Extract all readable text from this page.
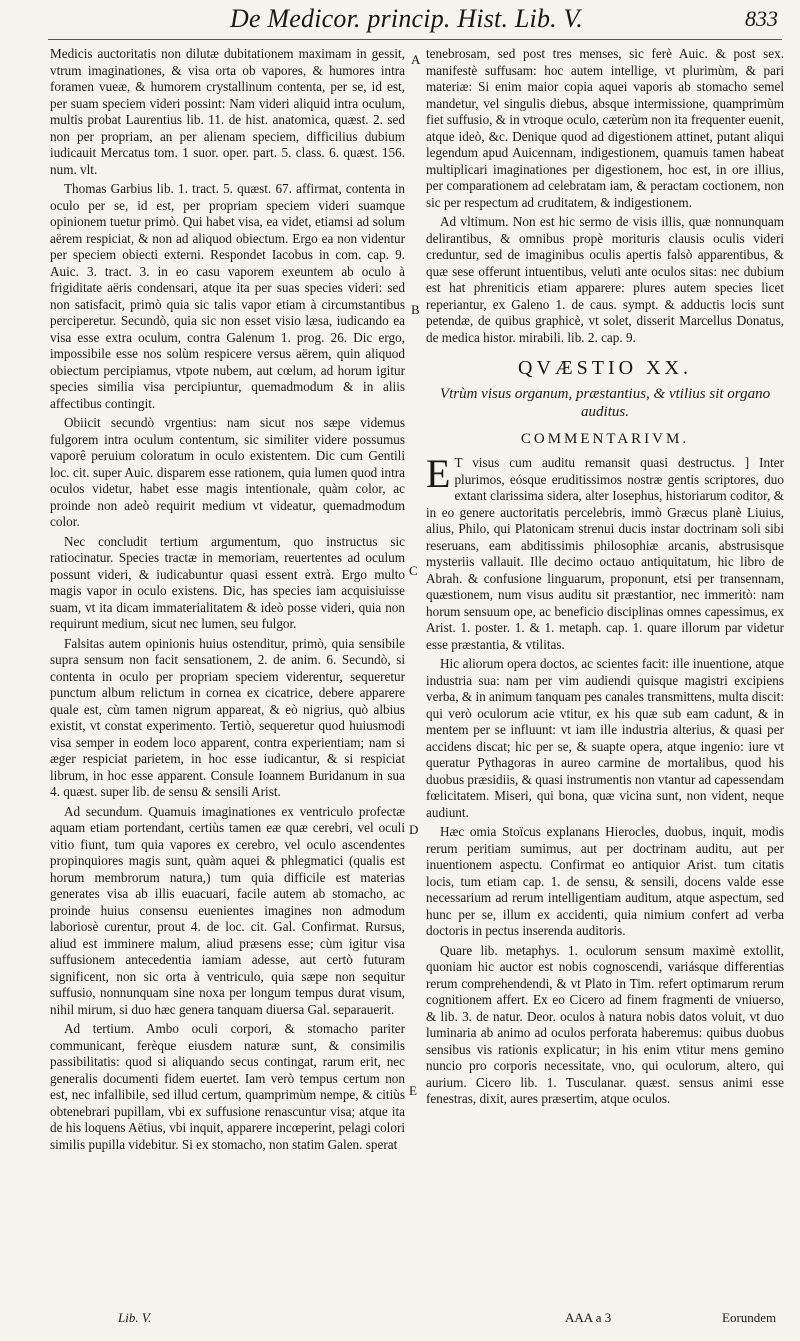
De Medicor. princip. Hist. Lib. V.	833
A
B
C
D
E

Medicis auctoritatis non dilutæ dubitationem maximam in gessit, vtrum imaginationes, & visa orta ob vapores, & humores intra foramen vueæ, & humorem crystallinum contenta, per se, id est, per suam speciem videri possint: Nam videri aliquid intra oculum, multis probat Laurentius lib. 11. de hist. anatomica, quæst. 2. sed non per propriam, an per alienam speciem, difficilius dubium iudicauit Mercatus tom. 1 suor. oper. part. 5. class. 6. quæst. 156. num. vlt.

Thomas Garbius lib. 1. tract. 5. quæst. 67. affirmat, contenta in oculo per se, id est, per propriam speciem videri suamque opinionem tuetur primò. Qui habet visa, ea videt, etiamsi ad solum aërem respiciat, & non ad aliquod obiectum. Ergo ea non videntur per speciem obiecti externi. Respondet Iacobus in com. cap. 9. Auic. 3. tract. 3. in eo casu vaporem exeuntem ab oculo à frigiditate aëris condensari, atque ita per suas species videri: sed non satisfacit, primò quia sic talis vapor etiam à circumstantibus perciperetur. Secundò, quia sic non esset visio læsa, iudicando ea visa esse extra oculum, contra Galenum 1. prog. 26. Dic ergo, impossibile esse nos solùm respicere versus aërem, quin aliquod obiectum percipiamus, vtpote nubem, aut cœlum, ad horum igitur species similia visa percipiuntur, quemadmodum & in aliis affectibus contingit.

Obiicit secundò vrgentius: nam sicut nos sæpe videmus fulgorem intra oculum contentum, sic similiter videre possumus vaporê peruium coloratum in oculo existentem. Dic cum Gentili loc. cit. super Auic. disparem esse rationem, quia lumen quod intra oculos videtur, habet esse magis intentionale, quàm color, ac proinde non adeò requirit medium vt videatur, quemadmodum color.

Nec concludit tertium argumentum, quo instructus sic ratiocinatur. Species tractæ in memoriam, reuertentes ad oculum possunt videri, & iudicabuntur quasi essent extrà. Ergo multo magis vapor in oculo existens. Dic, has species iam acquisiuisse suam, vt ita dicam immaterialitatem & ideò posse videri, quia non requirunt medium, sicut nec lumen, seu fulgor.

Falsitas autem opinionis huius ostenditur, primò, quia sensibile supra sensum non facit sensationem, 2. de anim. 6. Secundò, si contenta in oculo per propriam speciem viderentur, sequeretur punctum album relictum in cornea ex cicatrice, debere apparere quale est, cùm tamen nigrum appareat, & eò nigrius, quò albius existit, vt constat experimento. Tertiò, sequeretur quod huiusmodi visa semper in eodem loco apparent, contra experientiam; nam si æger respiciat parietem, in hoc esse iudicantur, & si respiciat librum, in hoc esse apparent. Consule Ioannem Buridanum in sua 4. quæst. super lib. de sensu & sensili Arist.

Ad secundum. Quamuis imaginationes ex ventriculo profectæ aquam etiam portendant, certiùs tamen eæ quæ cerebri, vel oculi vitio fiunt, tum quia vapores ex cerebro, vel oculo ascendentes propinquiores magis sunt, quàm aquei & phlegmatici (qualis est horum membrorum natura,) tum quia difficile est materias generates visa ab illis euacuari, facile autem ab stomacho, ac proinde huius consensu euenientes imagines non admodum laboriosè curentur, prout 4. de loc. cit. Gal. Confirmat. Rursus, aliud est imminere malum, aliud præsens esse; cùm igitur visa suffusionem antecedentia iamiam adesse, aut certò futuram significent, non sic orta à ventriculo, quia sæpe non sequitur suffusio, nonnunquam sine noxa per longum tempus durat visum, nihil mirum, si duo hæc genera tanquam diuersa Gal. separauerit.

Ad tertium. Ambo oculi corpori, & stomacho pariter communicant, ferèque eiusdem naturæ sunt, & consimilis passibilitatis: quod si aliquando secus contingat, rarum erit, nec generalis documenti fidem euertet. Iam verò tempus certum non est, nec infallibile, sed illud certum, quamprimùm nempe, & citiùs obtenebrari pupillam, vbi ex suffusione renascuntur visa; atque ita de his loquens Aëtius, vbi inquit, apparere incœperint, pelagi colori similis pupilla videbitur. Si ex stomacho, non statim Galen. sperat

tenebrosam, sed post tres menses, sic ferè Auic. & post sex. manifestè suffusam: hoc autem intellige, vt plurimùm, & pari materiæ: Si enim maior copia aquei vaporis ab stomacho semel mandetur, vel singulis diebus, absque intermissione, quamprimùm fiet suffusio, & in vtroque oculo, cæterùm non ita frequenter euenit, atque ideò, &c. Denique quod ad digestionem attinet, putant aliqui legendum apud Auicennam, indigestionem, quamuis tamen habeat multiplicari imaginationes per digestionem, hoc est, in ore illius, per comparationem ad celebratam iam, & peractam coctionem, non sic per respectum ad cruditatem, & indigestionem.

Ad vltimum. Non est hic sermo de visis illis, quæ nonnunquam delirantibus, & omnibus propè morituris clausis oculis videri creduntur, sed de imaginibus oculis apertis falsò apparentibus, & quæ sese offerunt intuentibus, veluti ante oculos sitas: nec dubium est hat phreniticis etiam apparere: plures autem species licet reperiantur, ex Galeno 1. de caus. sympt. & adductis locis sunt petendæ, de quibus graphicè, vt solet, disserit Marcellus Donatus, de medica histor. mirabili. lib. 2. cap. 9.

QVÆSTIO XX.
Vtrùm visus organum, præstantius, & vtilius sit organo auditus.
COMMENTARIVM.

E T visus cum auditu remansit quasi destructus. ] Inter plurimos, eósque eruditissimos nostræ gentis scriptores, duo extant clarissima sidera, alter Iosephus, historiarum coditor, & in eo genere auctoritatis percelebris, immò Græcus planè Liuius, alius, Philo, qui Platonicam strenui ducis instar doctrinam soli sibi reseruans, eam abditissimis philosophiæ arcanis, abstrusisque mysteriis vallauit. Ille decimo octauo antiquitatum, hic libro de Abrah. & confusione linguarum, proponunt, etsi per transennam, quæstionem, num visus auditu sit præstantior, nec immeritò: nam horum sensuum ope, ac beneficio disciplinas omnes capessimus, ex Arist. 1. poster. 1. & 1. metaph. cap. 1. quare illorum par videtur esse præstantia, & vtilitas.

Hic aliorum opera doctos, ac scientes facit: ille inuentione, atque industria sua: nam per vim audiendi quisque magistri excipiens verba, & in animum tanquam pes canales transmittens, multa discit: qui verò oculorum acie vtitur, ex his quæ sub eam cadunt, & in mentem per se influunt: vt iam ille industria alterius, & quasi per accidens discat; hic per se, & suapte opera, atque ingenio: iure vt queratur Pythagoras in aureo carmine de mortalibus, quod his duobus præsidiis, & quasi instrumentis non vtantur ad capessendam fœlicitatem. Miseri, qui bona, quæ vicina sunt, non vident, neque audiunt.

Hæc omia Stoïcus explanans Hierocles, duobus, inquit, modis rerum peritiam sumimus, aut per doctrinam auditu, aut per inuentionem aspectu. Confirmat eo antiquior Arist. tum citatis locis, tum etiam cap. 1. de sensu, & sensili, docens valde esse necessarium ad rerum intelligentiam auditum, atque aspectum, sed hunc per se, illum ex accidenti, quia nimium confert ad verba doctoris in pectus inserenda auditoris.

Quare lib. metaphys. 1. oculorum sensum maximè extollit, quoniam hic auctor est nobis cognoscendi, variásque differentias rerum comprehendendi, & vt Plato in Tim. refert optimarum rerum cognitionem affert. Ex eo Cicero ad finem fragmenti de vniuerso, & lib. 3. de natur. Deor. oculos à natura nobis datos voluit, vt duo luminaria ab animo ad oculos perforata haberemus: quibus duobus sensibus vis rationis explicatur; in his enim vtitur mens gemino nuncio pro corporis necessitate, vno, qui oculorum, altero, qui aurium. Cicero lib. 1. Tusculanar. quæst. sensus animi esse fenestras, dixit, aures præsertim, atque oculos.

Lib. V.	AAA a 3	Eorundem
